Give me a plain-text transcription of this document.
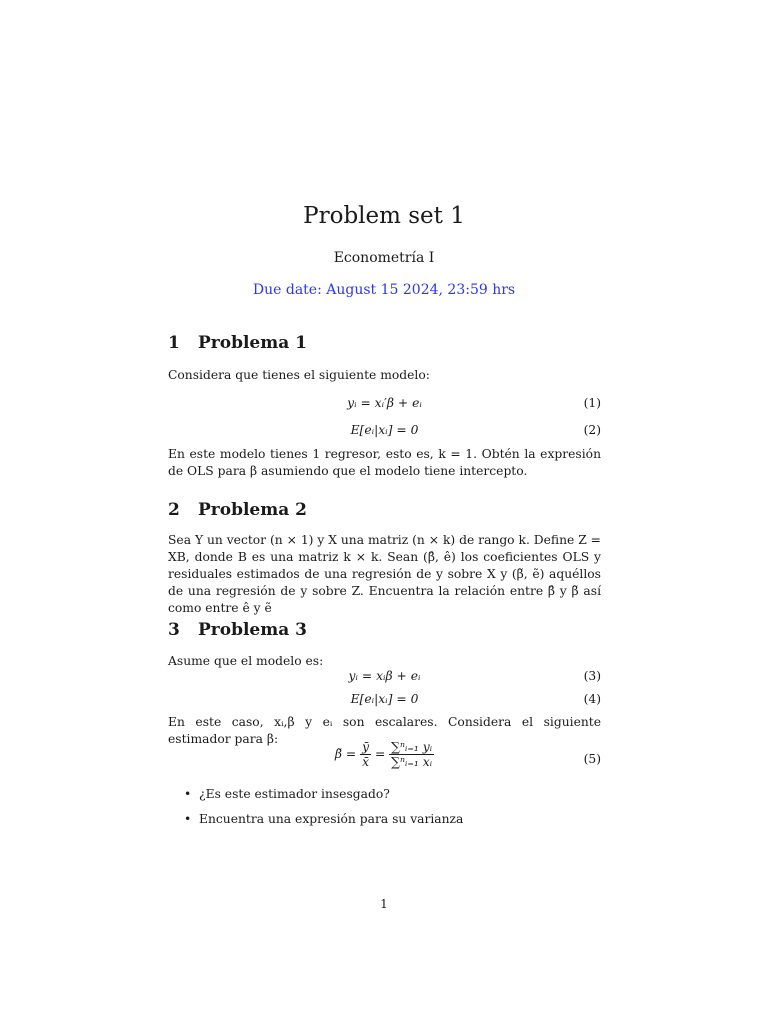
Problem set 1
Econometría I
Due date: August 15 2024, 23:59 hrs
1 Problema 1
Considera que tienes el siguiente modelo:
yᵢ = xᵢ′β + eᵢ	(1)
E[eᵢ|xᵢ] = 0	(2)
En este modelo tienes 1 regresor, esto es, k = 1. Obtén la expresión de OLS para β asumiendo que el modelo tiene intercepto.
2 Problema 2
Sea Y un vector (n × 1) y X una matriz (n × k) de rango k. Define Z = XB, donde B es una matriz k × k. Sean (β̂, ê) los coeficientes OLS y residuales estimados de una regresión de y sobre X y (β̃, ẽ) aquéllos de una regresión de y sobre Z. Encuentra la relación entre β̂ y β̃ así como entre ê y ẽ
3 Problema 3
Asume que el modelo es:
yᵢ = xᵢβ + eᵢ	(3)
E[eᵢ|xᵢ] = 0	(4)
En este caso, xᵢ,β y eᵢ son escalares. Considera el siguiente estimador para β:
β̃ = $\frac{ȳ}{x̄} = \frac{\text{∑ⁿᵢ₌₁ yᵢ}}{\text{∑ⁿᵢ₌₁ xᵢ}}$	(5)
• ¿Es este estimador insesgado?
• Encuentra una expresión para su varianza
1
